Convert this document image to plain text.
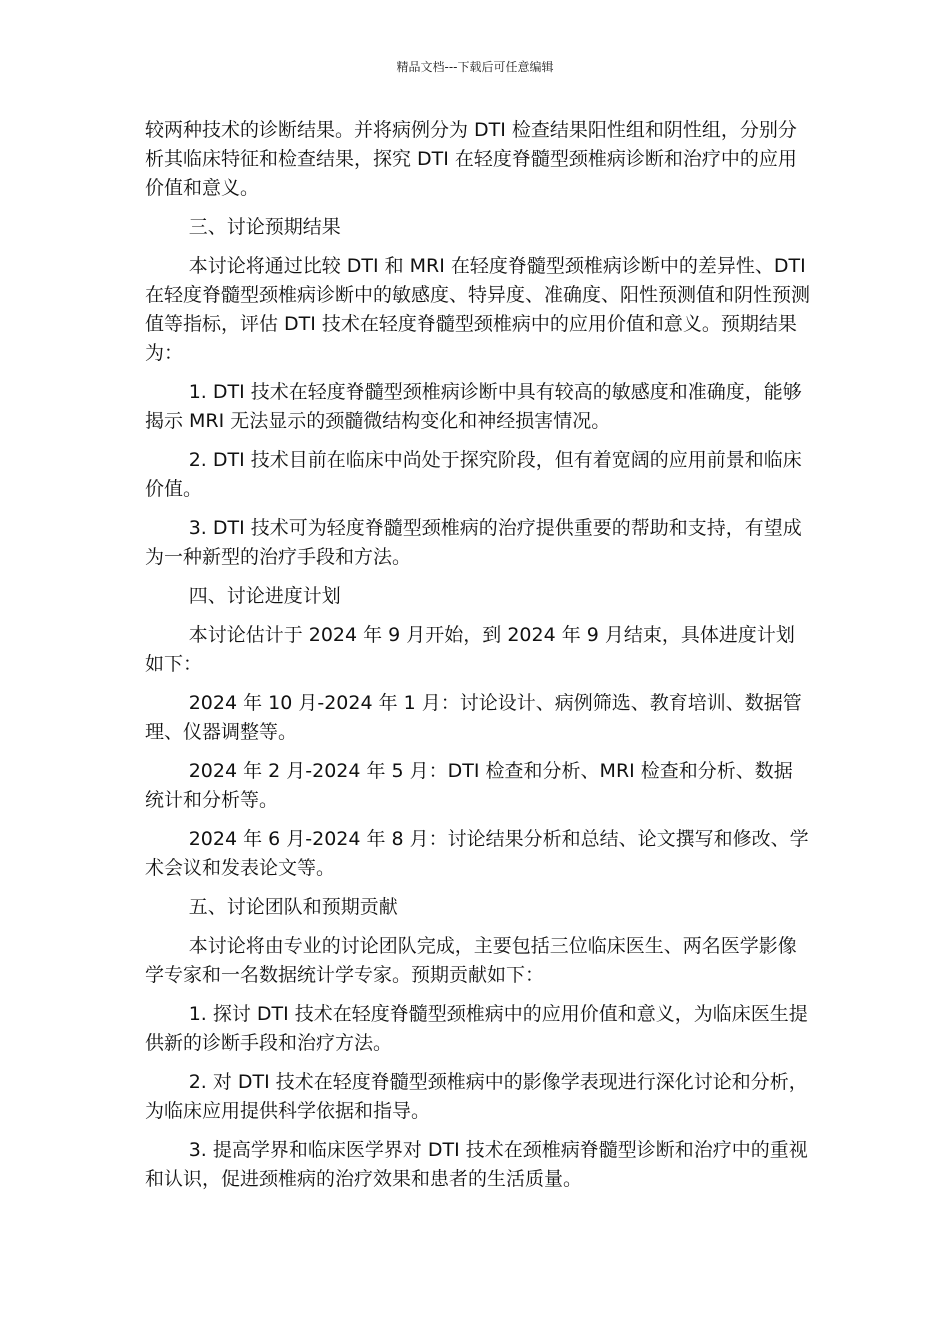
精品文档---下载后可任意编辑

较两种技术的诊断结果。并将病例分为 DTI 检查结果阳性组和阴性组，分别分析其临床特征和检查结果，探究 DTI 在轻度脊髓型颈椎病诊断和治疗中的应用价值和意义。

三、讨论预期结果

本讨论将通过比较 DTI 和 MRI 在轻度脊髓型颈椎病诊断中的差异性、DTI 在轻度脊髓型颈椎病诊断中的敏感度、特异度、准确度、阳性预测值和阴性预测值等指标，评估 DTI 技术在轻度脊髓型颈椎病中的应用价值和意义。预期结果为：

1. DTI 技术在轻度脊髓型颈椎病诊断中具有较高的敏感度和准确度，能够揭示 MRI 无法显示的颈髓微结构变化和神经损害情况。

2. DTI 技术目前在临床中尚处于探究阶段，但有着宽阔的应用前景和临床价值。

3. DTI 技术可为轻度脊髓型颈椎病的治疗提供重要的帮助和支持，有望成为一种新型的治疗手段和方法。

四、讨论进度计划

本讨论估计于 2024 年 9 月开始，到 2024 年 9 月结束，具体进度计划如下：

2024 年 10 月-2024 年 1 月：讨论设计、病例筛选、教育培训、数据管理、仪器调整等。

2024 年 2 月-2024 年 5 月：DTI 检查和分析、MRI 检查和分析、数据统计和分析等。

2024 年 6 月-2024 年 8 月：讨论结果分析和总结、论文撰写和修改、学术会议和发表论文等。

五、讨论团队和预期贡献

本讨论将由专业的讨论团队完成，主要包括三位临床医生、两名医学影像学专家和一名数据统计学专家。预期贡献如下：

1. 探讨 DTI 技术在轻度脊髓型颈椎病中的应用价值和意义，为临床医生提供新的诊断手段和治疗方法。

2. 对 DTI 技术在轻度脊髓型颈椎病中的影像学表现进行深化讨论和分析，为临床应用提供科学依据和指导。

3. 提高学界和临床医学界对 DTI 技术在颈椎病脊髓型诊断和治疗中的重视和认识，促进颈椎病的治疗效果和患者的生活质量。
